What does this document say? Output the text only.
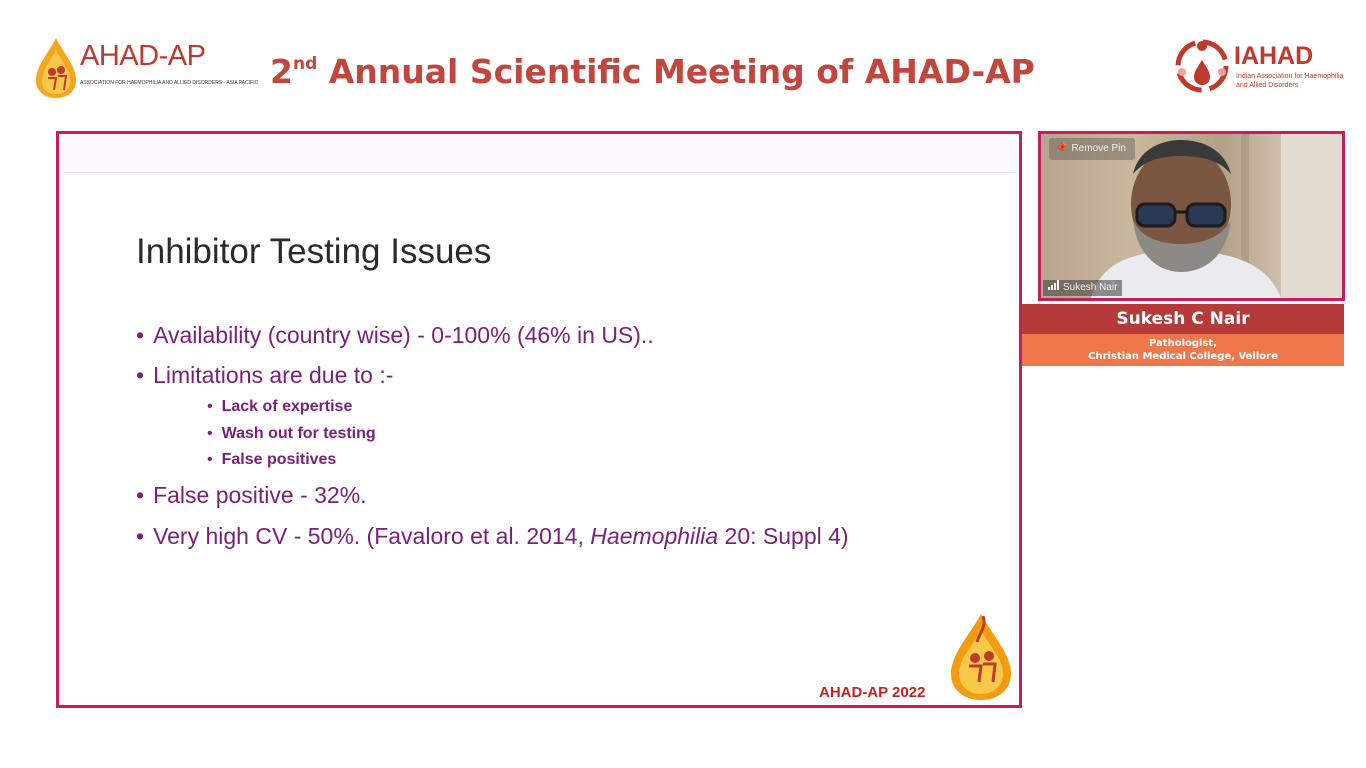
AHAD-AP
ASSOCIATION FOR HAEMOPHILIA AND ALLIED DISORDERS - ASIA PACIFIC 2nd Annual Scientific Meeting of AHAD-AP	IAHAD
Indian Association for Haemophilia and Allied Disorders
Inhibitor Testing Issues
• Availability (country wise) - 0-100% (46% in US)..
• Limitations are due to :-
• Lack of expertise
• Wash out for testing
• False positives
• False positive - 32%.
• Very high CV - 50%. (Favaloro et al. 2014, Haemophilia 20: Suppl 4)
AHAD-AP 2022
📌 Remove Pin
Sukesh Nair
Sukesh C Nair
Pathologist,
Christian Medical College, Vellore
